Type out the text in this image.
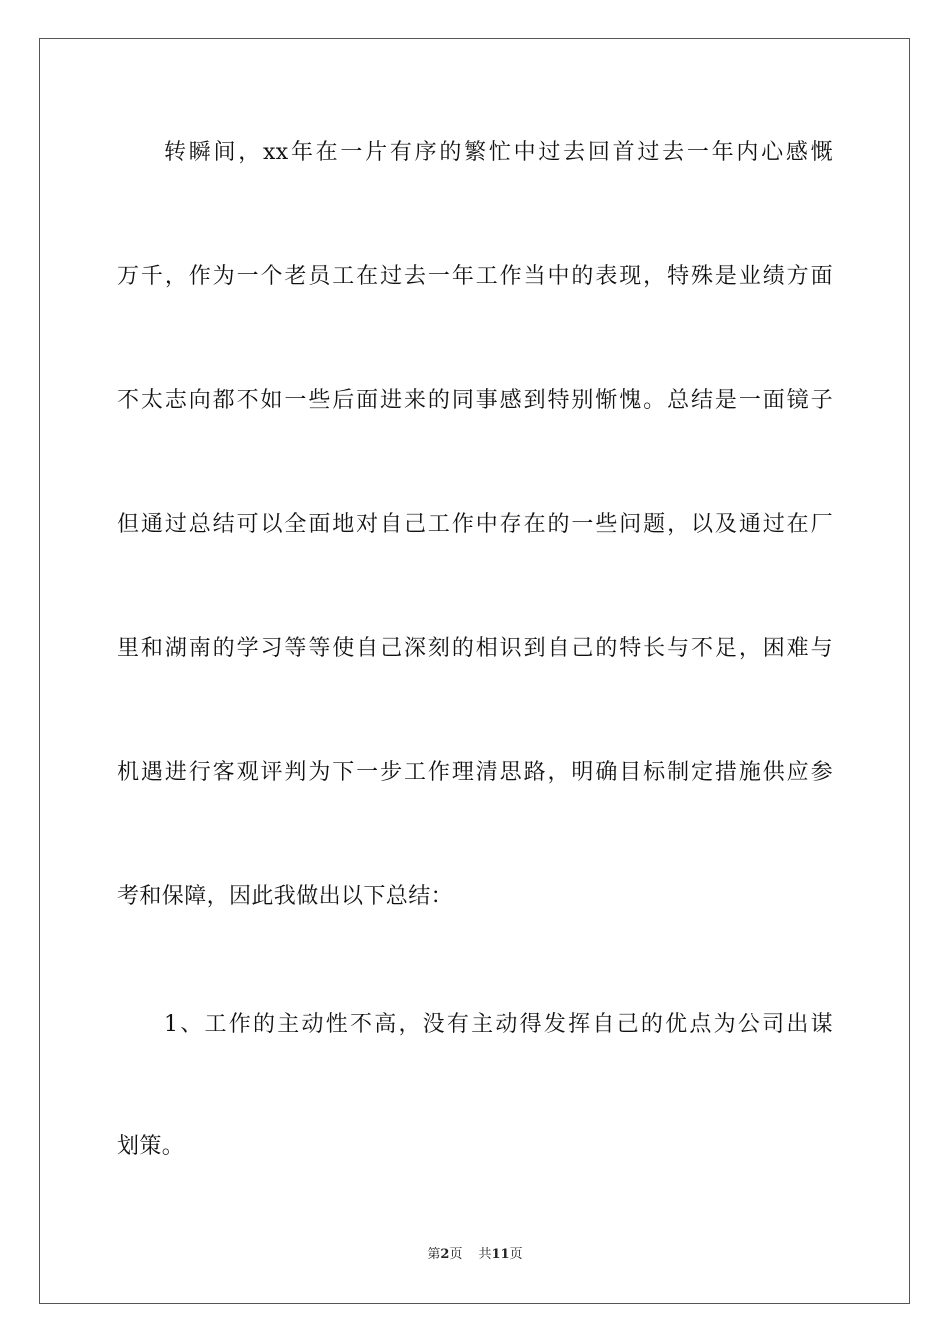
转瞬间，xx年在一片有序的繁忙中过去回首过去一年内心感慨
万千，作为一个老员工在过去一年工作当中的表现，特殊是业绩方面
不太志向都不如一些后面进来的同事感到特别惭愧。总结是一面镜子
但通过总结可以全面地对自己工作中存在的一些问题，以及通过在厂
里和湖南的学习等等使自己深刻的相识到自己的特长与不足，困难与
机遇进行客观评判为下一步工作理清思路，明确目标制定措施供应参
考和保障，因此我做出以下总结：
1、工作的主动性不高，没有主动得发挥自己的优点为公司出谋
划策。
第2页 共11页
